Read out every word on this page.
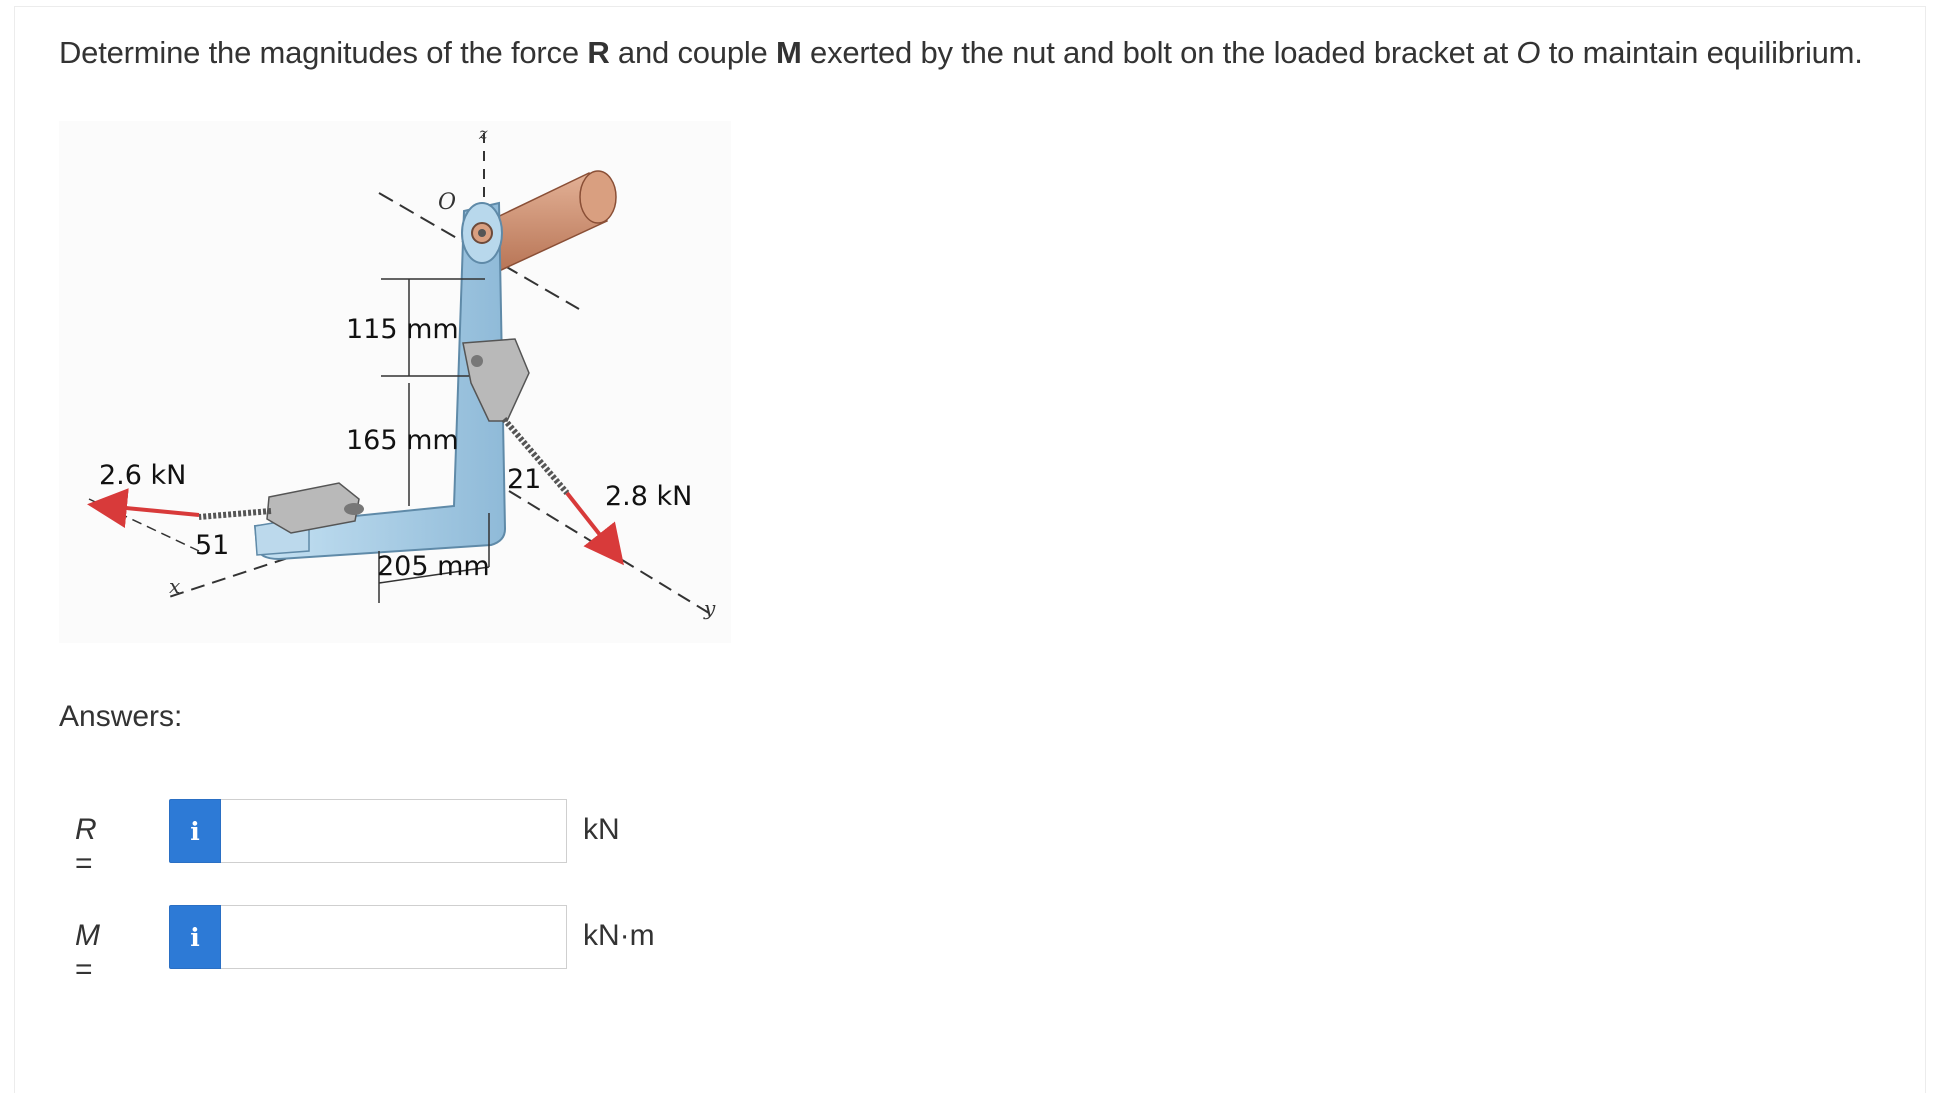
Determine the magnitudes of the force R and couple M exerted by the nut and bolt on the loaded bracket at O to maintain equilibrium.
z
O
y
x
115 mm
165 mm
205 mm
2.6 kN
2.8 kN
51
21
Answers:
R =
i	kN
M =
i	kN·m
